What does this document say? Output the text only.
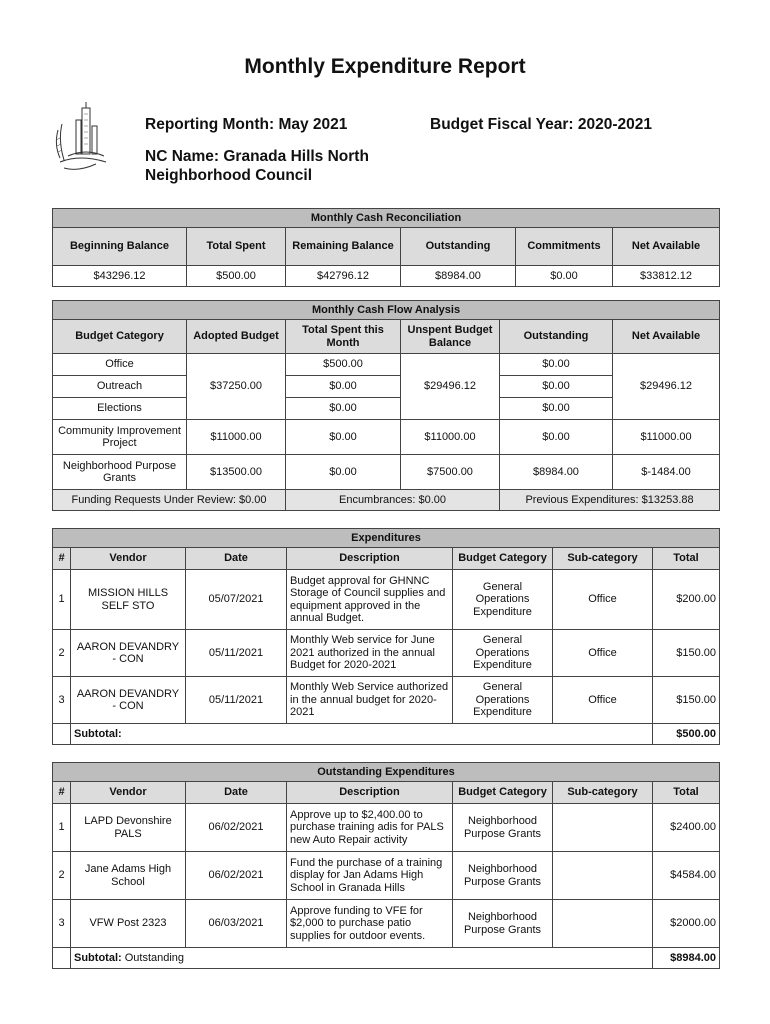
Monthly Expenditure Report
Reporting Month: May 2021	Budget Fiscal Year: 2020-2021
NC Name: Granada Hills North
Neighborhood Council
Monthly Cash Reconciliation					
Beginning Balance	Total Spent	Remaining Balance	Outstanding	Commitments	Net Available
$43296.12	$500.00	$42796.12	$8984.00	$0.00	$33812.12
Monthly Cash Flow Analysis					
Budget Category	Adopted Budget	Total Spent this Month	Unspent Budget Balance	Outstanding	Net Available
Office	$37250.00	$500.00	$29496.12	$0.00	$29496.12
Outreach		$0.00		$0.00	
Elections		$0.00		$0.00	
Community Improvement Project	$11000.00	$0.00	$11000.00	$0.00	$11000.00
Neighborhood Purpose Grants	$13500.00	$0.00	$7500.00	$8984.00	$-1484.00
Funding Requests Under Review: $0.00		Encumbrances: $0.00		Previous Expenditures: $13253.88	
Expenditures						
#	Vendor	Date	Description	Budget Category	Sub-category	Total
1	MISSION HILLS SELF STO	05/07/2021	Budget approval for GHNNC Storage of Council supplies and equipment approved in the annual Budget.	General Operations Expenditure	Office	$200.00
2	AARON DEVANDRY - CON	05/11/2021	Monthly Web service for June 2021 authorized in the annual Budget for 2020-2021	General Operations Expenditure	Office	$150.00
3	AARON DEVANDRY - CON	05/11/2021	Monthly Web Service authorized in the annual budget for 2020-2021	General Operations Expenditure	Office	$150.00
	Subtotal:					$500.00
Outstanding Expenditures						
#	Vendor	Date	Description	Budget Category	Sub-category	Total
1	LAPD Devonshire PALS	06/02/2021	Approve up to $2,400.00 to purchase training adis for PALS new Auto Repair activity	Neighborhood Purpose Grants		$2400.00
2	Jane Adams High School	06/02/2021	Fund the purchase of a training display for Jan Adams High School in Granada Hills	Neighborhood Purpose Grants		$4584.00
3	VFW Post 2323	06/03/2021	Approve funding to VFE for $2,000 to purchase patio supplies for outdoor events.	Neighborhood Purpose Grants		$2000.00
	Subtotal: Outstanding					$8984.00
